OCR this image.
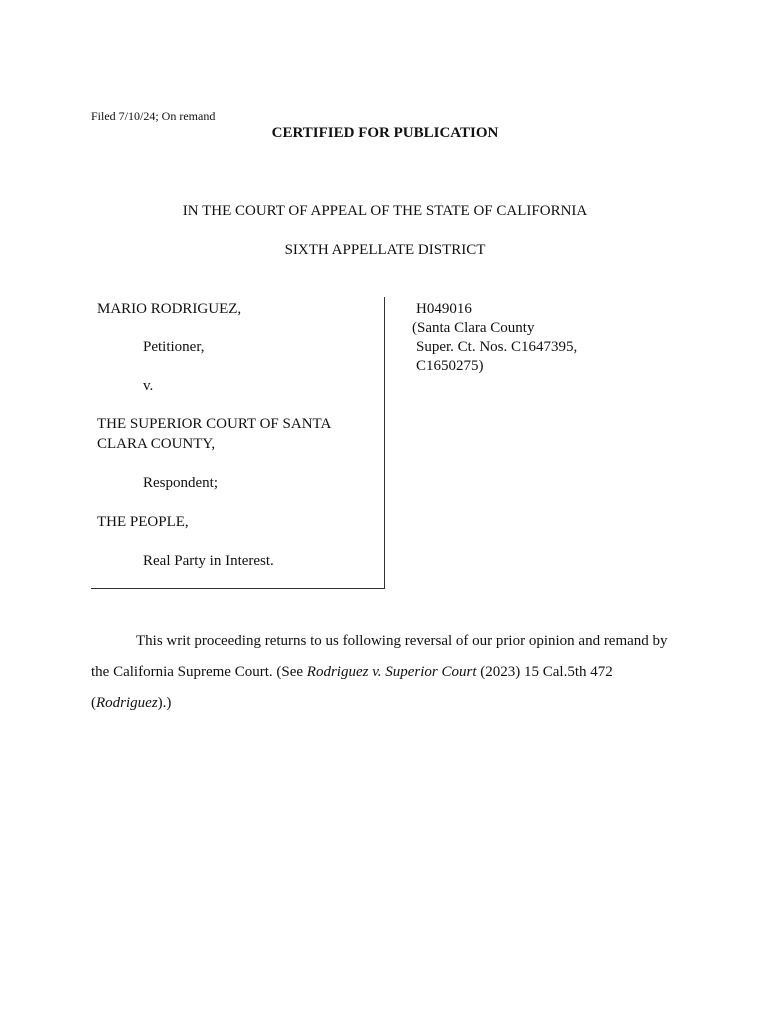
Filed 7/10/24; On remand
CERTIFIED FOR PUBLICATION
IN THE COURT OF APPEAL OF THE STATE OF CALIFORNIA
SIXTH APPELLATE DISTRICT
MARIO RODRIGUEZ,
Petitioner,
v.
THE SUPERIOR COURT OF SANTA
CLARA COUNTY,
Respondent;
THE PEOPLE,
Real Party in Interest.
H049016
(Santa Clara County
Super. Ct. Nos. C1647395,
C1650275)

This writ proceeding returns to us following reversal of our prior opinion and remand by the California Supreme Court. (See Rodriguez v. Superior Court (2023) 15 Cal.5th 472 (Rodriguez).)
